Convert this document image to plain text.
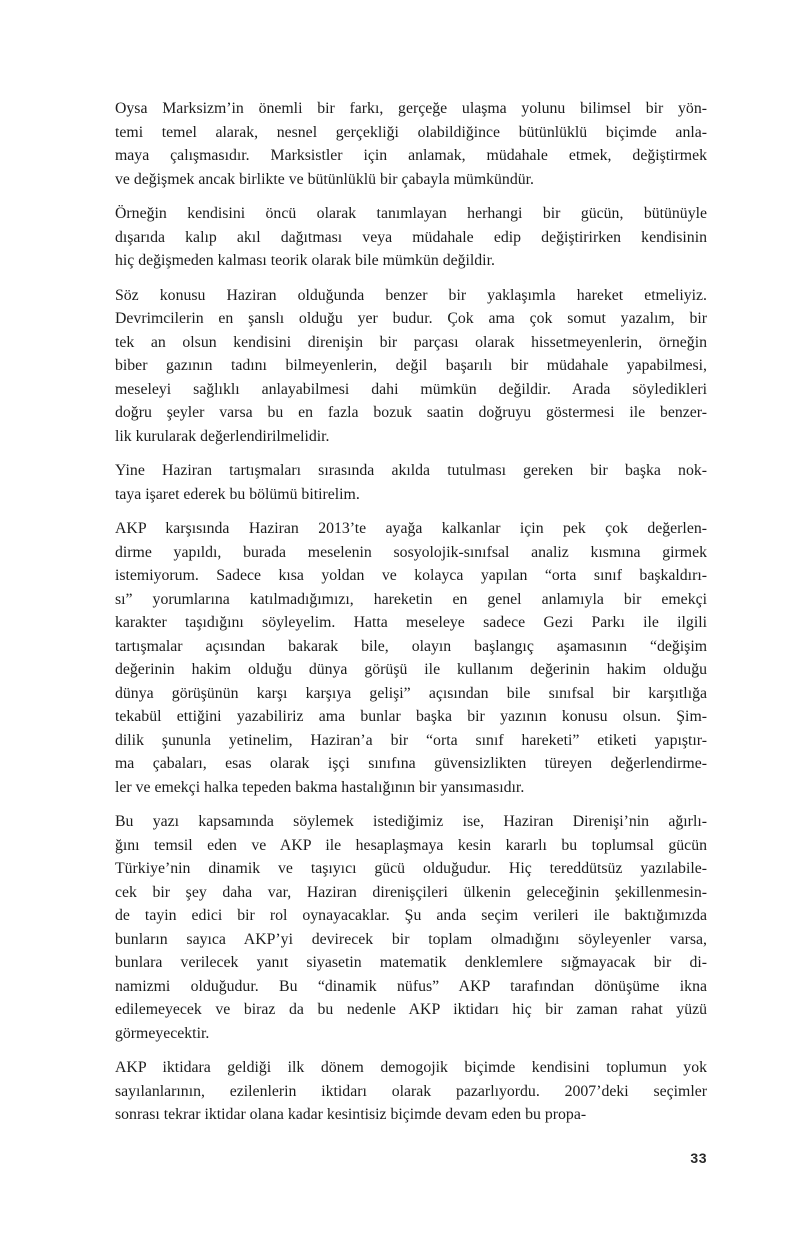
Oysa Marksizm’in önemli bir farkı, gerçeğe ulaşma yolunu bilimsel bir yön-
temi temel alarak, nesnel gerçekliği olabildiğince bütünlüklü biçimde anla-
maya çalışmasıdır. Marksistler için anlamak, müdahale etmek, değiştirmek
ve değişmek ancak birlikte ve bütünlüklü bir çabayla mümkündür.

Örneğin kendisini öncü olarak tanımlayan herhangi bir gücün, bütünüyle
dışarıda kalıp akıl dağıtması veya müdahale edip değiştirirken kendisinin
hiç değişmeden kalması teorik olarak bile mümkün değildir.

Söz konusu Haziran olduğunda benzer bir yaklaşımla hareket etmeliyiz.
Devrimcilerin en şanslı olduğu yer budur. Çok ama çok somut yazalım, bir
tek an olsun kendisini direnişin bir parçası olarak hissetmeyenlerin, örneğin
biber gazının tadını bilmeyenlerin, değil başarılı bir müdahale yapabilmesi,
meseleyi sağlıklı anlayabilmesi dahi mümkün değildir. Arada söyledikleri
doğru şeyler varsa bu en fazla bozuk saatin doğruyu göstermesi ile benzer-
lik kurularak değerlendirilmelidir.

Yine Haziran tartışmaları sırasında akılda tutulması gereken bir başka nok-
taya işaret ederek bu bölümü bitirelim.

AKP karşısında Haziran 2013’te ayağa kalkanlar için pek çok değerlen-
dirme yapıldı, burada meselenin sosyolojik-sınıfsal analiz kısmına girmek
istemiyorum. Sadece kısa yoldan ve kolayca yapılan “orta sınıf başkaldırı-
sı” yorumlarına katılmadığımızı, hareketin en genel anlamıyla bir emekçi
karakter taşıdığını söyleyelim. Hatta meseleye sadece Gezi Parkı ile ilgili
tartışmalar açısından bakarak bile, olayın başlangıç aşamasının “değişim
değerinin hakim olduğu dünya görüşü ile kullanım değerinin hakim olduğu
dünya görüşünün karşı karşıya gelişi” açısından bile sınıfsal bir karşıtlığa
tekabül ettiğini yazabiliriz ama bunlar başka bir yazının konusu olsun. Şim-
dilik şununla yetinelim, Haziran’a bir “orta sınıf hareketi” etiketi yapıştır-
ma çabaları, esas olarak işçi sınıfına güvensizlikten türeyen değerlendirme-
ler ve emekçi halka tepeden bakma hastalığının bir yansımasıdır.

Bu yazı kapsamında söylemek istediğimiz ise, Haziran Direnişi’nin ağırlı-
ğını temsil eden ve AKP ile hesaplaşmaya kesin kararlı bu toplumsal gücün
Türkiye’nin dinamik ve taşıyıcı gücü olduğudur. Hiç tereddütsüz yazılabile-
cek bir şey daha var, Haziran direnişçileri ülkenin geleceğinin şekillenmesin-
de tayin edici bir rol oynayacaklar. Şu anda seçim verileri ile baktığımızda
bunların sayıca AKP’yi devirecek bir toplam olmadığını söyleyenler varsa,
bunlara verilecek yanıt siyasetin matematik denklemlere sığmayacak bir di-
namizmi olduğudur. Bu “dinamik nüfus” AKP tarafından dönüşüme ikna
edilemeyecek ve biraz da bu nedenle AKP iktidarı hiç bir zaman rahat yüzü
görmeyecektir.

AKP iktidara geldiği ilk dönem demogojik biçimde kendisini toplumun yok
sayılanlarının, ezilenlerin iktidarı olarak pazarlıyordu. 2007’deki seçimler
sonrası tekrar iktidar olana kadar kesintisiz biçimde devam eden bu propa-

33
